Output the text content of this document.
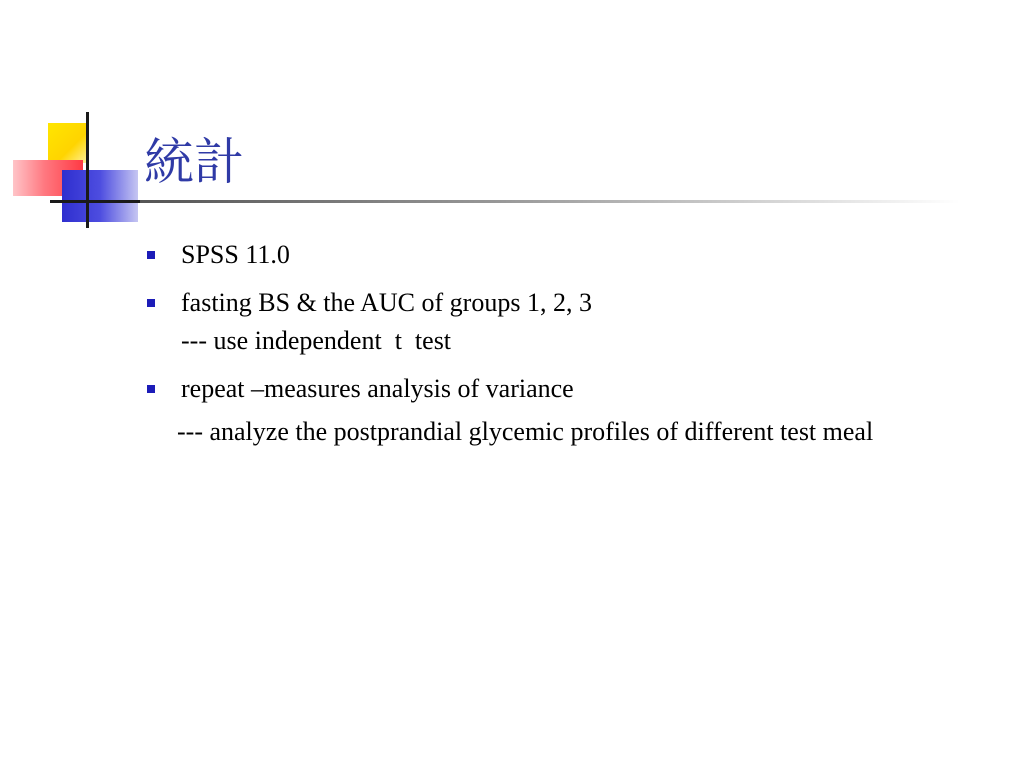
統計
SPSS 11.0
fasting BS & the AUC of groups 1, 2, 3
--- use independent  t  test
repeat –measures analysis of variance
--- analyze the postprandial glycemic profiles of different test meal
